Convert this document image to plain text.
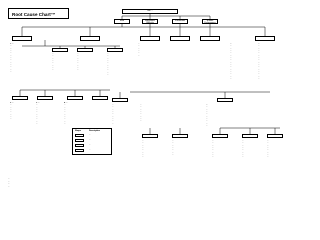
Root Cause Chart™
Use ...
Start	Equipment Difficulty
Procedures	Human Performance
1. ...
...
...
...
...
...
...
...
...
...
...
...
...
2. ...
...
...
...
...
...
...
...
3. ...
...
...
...
...
...
...
...
...
...
4. ...
...
...
...
...
...
...
...
...
...
...
...
...
...
...
...
...
...
...
...
...
...
...
...
...
...
...
...
...
...
...
...
...
...
...
...
...
...
...
...
...
...
...
...
...
...
...
...
...
...
...
...
...
...
...
...
...
...
...
...
...
...
...
...
...
...
...
...
...
...
...
...
...
...
...
...
...
...
...
...
...
...
...
...
...
...
...
...
...
...
...
...
...
...
...
...
...
...
...
...
...
...
...
...
...
...
...
...
...
...
...
...
...
...
...
...
...
...
...
...
...
...
...
...
...
...
...
...
...
...
...
...
...
...
...
...
...
...
...
...
Shape	Description
...
...
...
...
...
...
...
...
